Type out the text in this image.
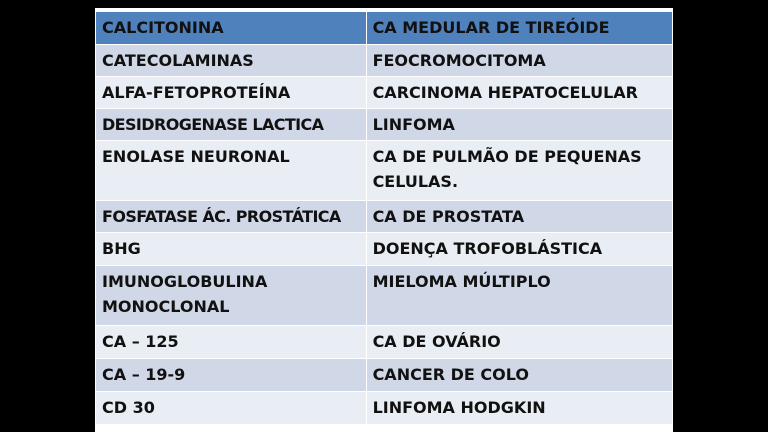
CALCITONINA	CA MEDULAR DE TIREÓIDE
CATECOLAMINAS	FEOCROMOCITOMA
ALFA-FETOPROTEÍNA	CARCINOMA HEPATOCELULAR
DESIDROGENASE LACTICA	LINFOMA
ENOLASE NEURONAL	CA DE PULMÃO DE PEQUENAS CELULAS.
FOSFATASE ÁC. PROSTÁTICA	CA DE PROSTATA
BHG	DOENÇA TROFOBLÁSTICA
IMUNOGLOBULINA MONOCLONAL	MIELOMA MÚLTIPLO
CA – 125	CA DE OVÁRIO
CA – 19-9	CANCER DE COLO
CD 30	LINFOMA HODGKIN
